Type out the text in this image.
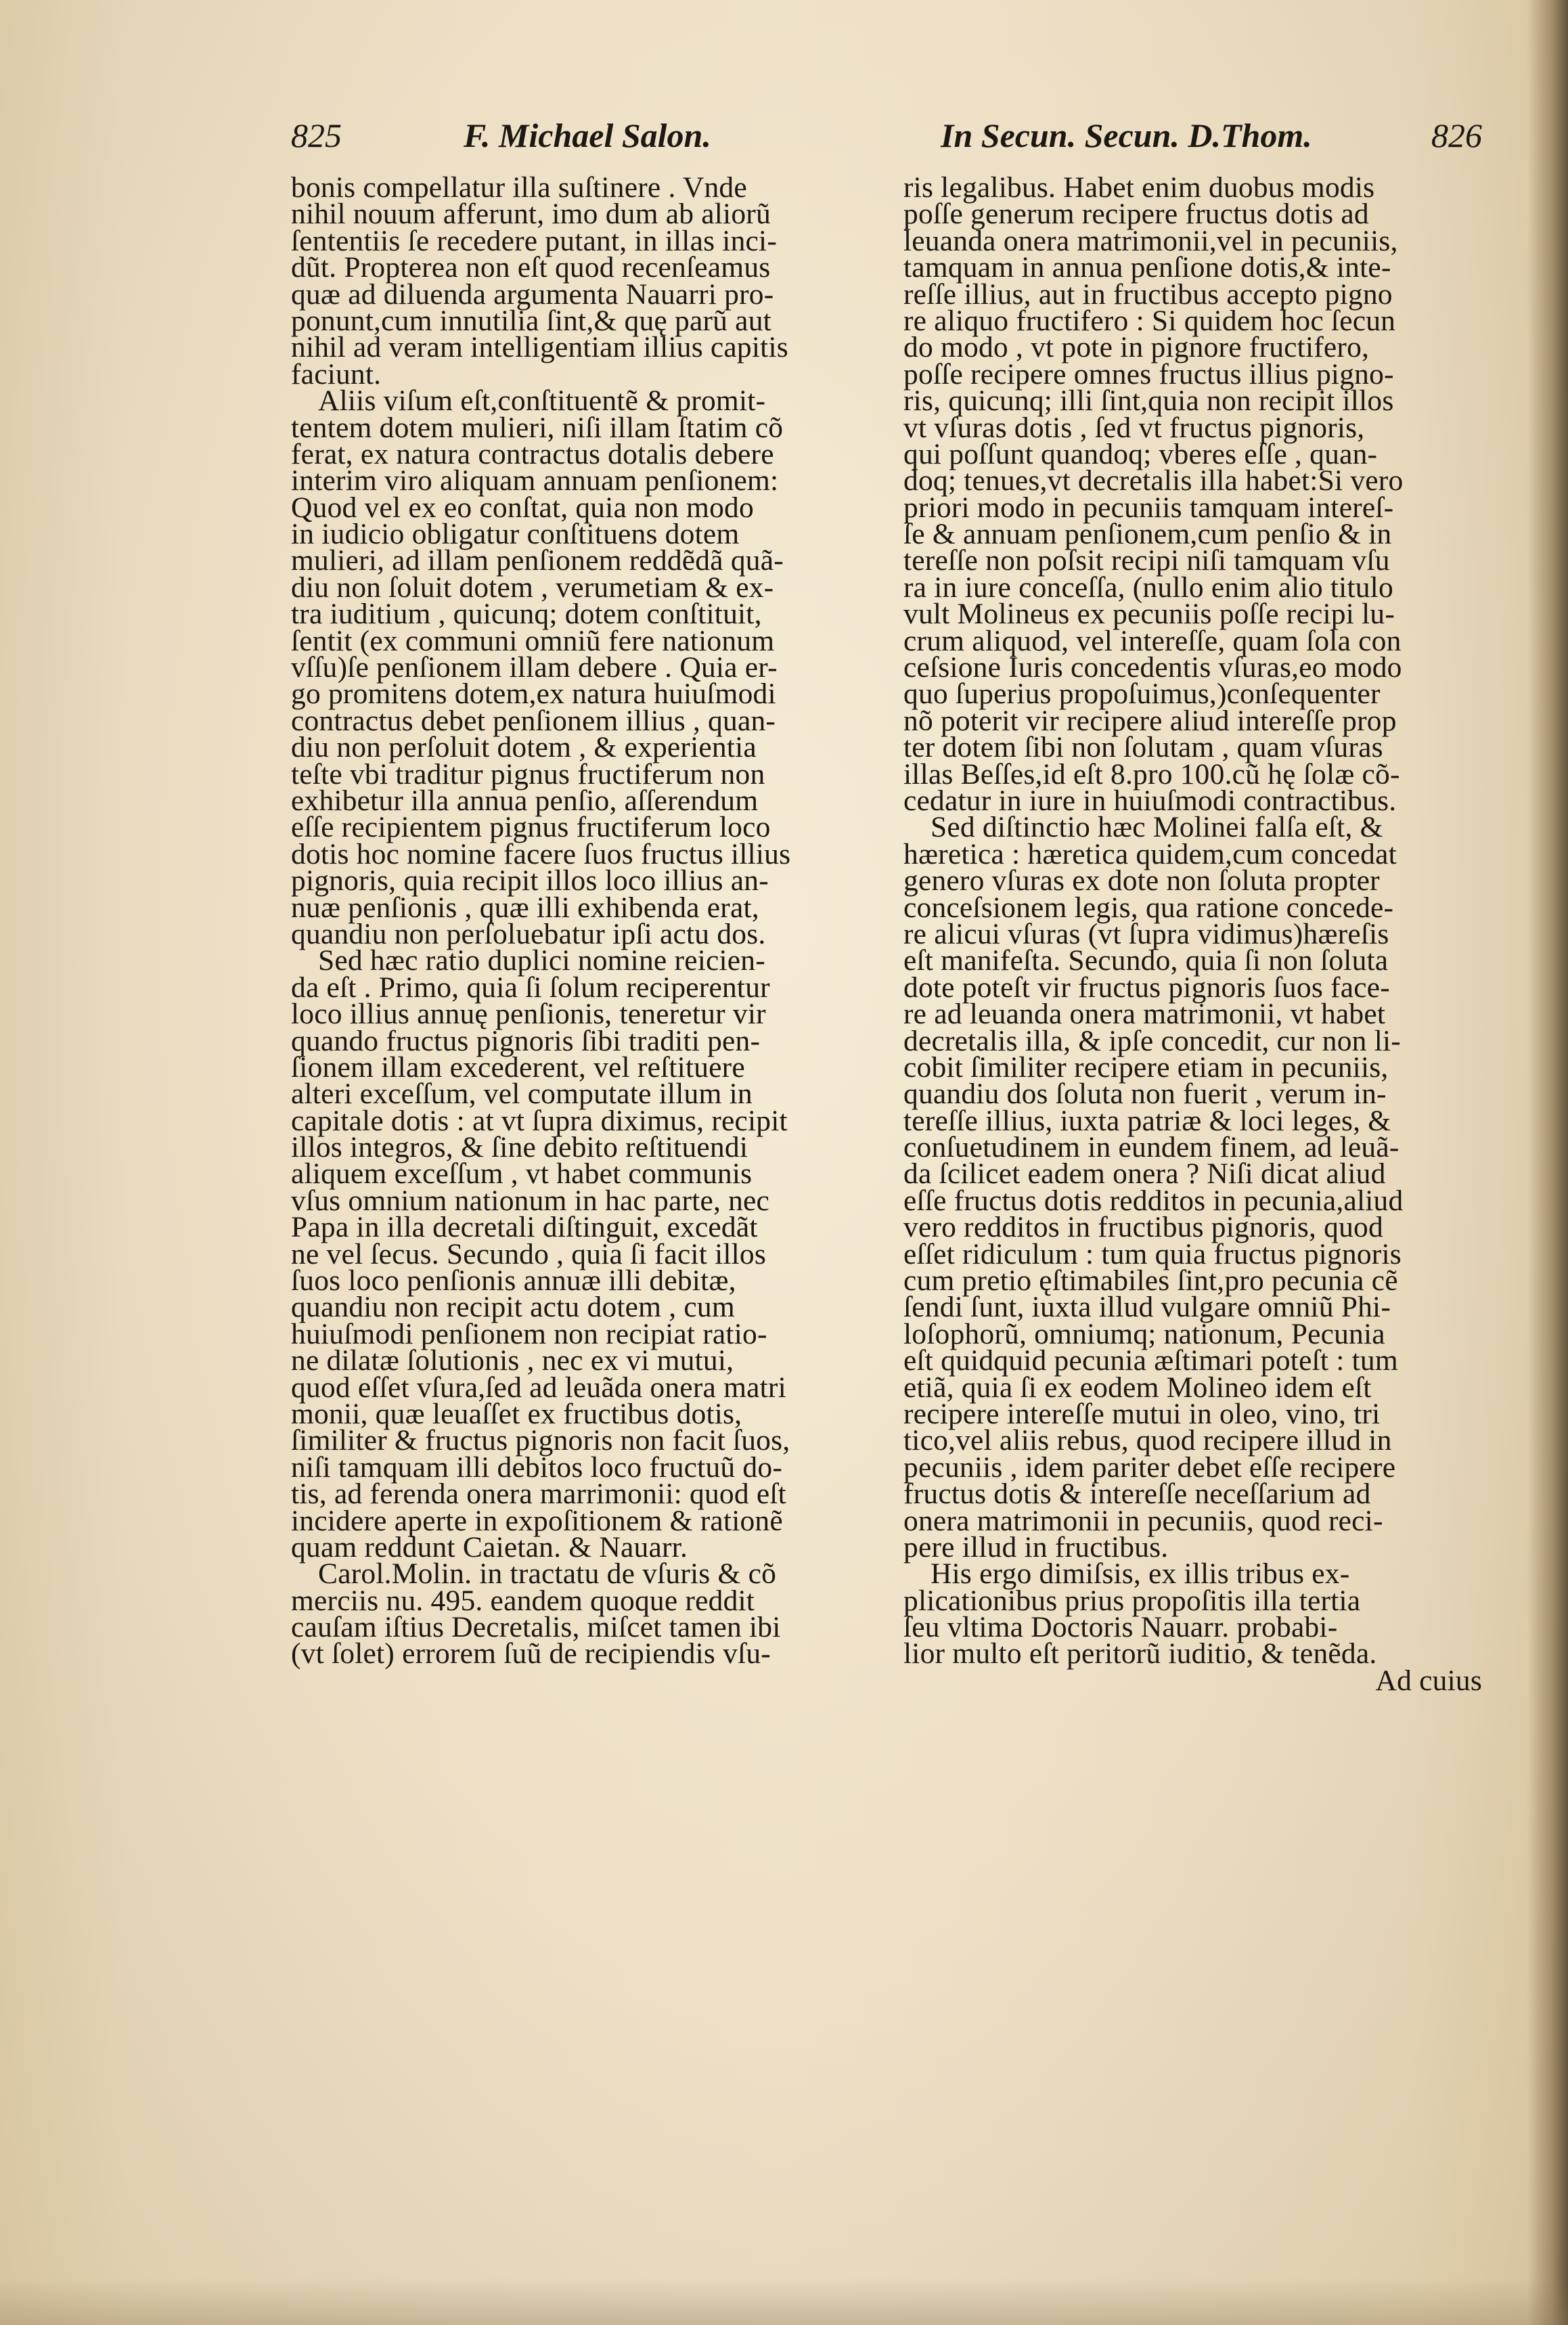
825	F. Michael Salon.	In Secun. Secun. D.Thom.	826
bonis compellatur illa suſtinere . Vnde
nihil nouum afferunt, imo dum ab aliorũ
ſententiis ſe recedere putant, in illas inci-
dũt. Propterea non eſt quod recenſeamus
quæ ad diluenda argumenta Nauarri pro-
ponunt,cum innutilia ſint,& quę parũ aut
nihil ad veram intelligentiam illius capitis
faciunt.
Aliis viſum eſt,conſtituentẽ & promit-
tentem dotem mulieri, niſi illam ſtatim cõ
ferat, ex natura contractus dotalis debere
interim viro aliquam annuam penſionem:
Quod vel ex eo conſtat, quia non modo
in iudicio obligatur conſtituens dotem
mulieri, ad illam penſionem reddẽdã quã-
diu non ſoluit dotem , verumetiam & ex-
tra iuditium , quicunq; dotem conſtituit,
ſentit (ex communi omniũ fere nationum
vſſu)ſe penſionem illam debere . Quia er-
go promitens dotem,ex natura huiuſmodi
contractus debet penſionem illius , quan-
diu non perſoluit dotem , & experientia
teſte vbi traditur pignus fructiferum non
exhibetur illa annua penſio, aſſerendum
eſſe recipientem pignus fructiferum loco
dotis hoc nomine facere ſuos fructus illius
pignoris, quia recipit illos loco illius an-
nuæ penſionis , quæ illi exhibenda erat,
quandiu non perſoluebatur ipſi actu dos.
Sed hæc ratio duplici nomine reicien-
da eſt . Primo, quia ſi ſolum reciperentur
loco illius annuę penſionis, teneretur vir
quando fructus pignoris ſibi traditi pen-
ſionem illam excederent, vel reſtituere
alteri exceſſum, vel computate illum in
capitale dotis : at vt ſupra diximus, recipit
illos integros, & ſine debito reſtituendi
aliquem exceſſum , vt habet communis
vſus omnium nationum in hac parte, nec
Papa in illa decretali diſtinguit, excedãt
ne vel ſecus. Secundo , quia ſi facit illos
ſuos loco penſionis annuæ illi debitæ,
quandiu non recipit actu dotem , cum
huiuſmodi penſionem non recipiat ratio-
ne dilatæ ſolutionis , nec ex vi mutui,
quod eſſet vſura,ſed ad leuãda onera matri
monii, quæ leuaſſet ex fructibus dotis,
ſimiliter & fructus pignoris non facit ſuos,
niſi tamquam illi debitos loco fructuũ do-
tis, ad ferenda onera marrimonii: quod eſt
incidere aperte in expoſitionem & rationẽ
quam reddunt Caietan. & Nauarr.
Carol.Molin. in tractatu de vſuris & cõ
merciis nu. 495. eandem quoque reddit
cauſam iſtius Decretalis, miſcet tamen ibi
(vt ſolet) errorem ſuũ de recipiendis vſu-
ris legalibus. Habet enim duobus modis
poſſe generum recipere fructus dotis ad
leuanda onera matrimonii,vel in pecuniis,
tamquam in annua penſione dotis,& inte-
reſſe illius, aut in fructibus accepto pigno
re aliquo fructifero : Si quidem hoc ſecun
do modo , vt pote in pignore fructifero,
poſſe recipere omnes fructus illius pigno-
ris, quicunq; illi ſint,quia non recipit illos
vt vſuras dotis , ſed vt fructus pignoris,
qui poſſunt quandoq; vberes eſſe , quan-
doq; tenues,vt decretalis illa habet:Si vero
priori modo in pecuniis tamquam intereſ-
ſe & annuam penſionem,cum penſio & in
tereſſe non poſsit recipi niſi tamquam vſu
ra in iure conceſſa, (nullo enim alio titulo
vult Molineus ex pecuniis poſſe recipi lu-
crum aliquod, vel intereſſe, quam ſola con
ceſsione Iuris concedentis vſuras,eo modo
quo ſuperius propoſuimus,)conſequenter
nõ poterit vir recipere aliud intereſſe prop
ter dotem ſibi non ſolutam , quam vſuras
illas Beſſes,id eſt 8.pro 100.cũ hę ſolæ cõ-
cedatur in iure in huiuſmodi contractibus.
Sed diſtinctio hæc Molinei falſa eſt, &
hæretica : hæretica quidem,cum concedat
genero vſuras ex dote non ſoluta propter
conceſsionem legis, qua ratione concede-
re alicui vſuras (vt ſupra vidimus)hæreſis
eſt manifeſta. Secundo, quia ſi non ſoluta
dote poteſt vir fructus pignoris ſuos face-
re ad leuanda onera matrimonii, vt habet
decretalis illa, & ipſe concedit, cur non li-
cobit ſimiliter recipere etiam in pecuniis,
quandiu dos ſoluta non fuerit , verum in-
tereſſe illius, iuxta patriæ & loci leges, &
conſuetudinem in eundem finem, ad leuã-
da ſcilicet eadem onera ? Niſi dicat aliud
eſſe fructus dotis redditos in pecunia,aliud
vero redditos in fructibus pignoris, quod
eſſet ridiculum : tum quia fructus pignoris
cum pretio ęſtimabiles ſint,pro pecunia cẽ
ſendi ſunt, iuxta illud vulgare omniũ Phi-
loſophorũ, omniumq; nationum, Pecunia
eſt quidquid pecunia æſtimari poteſt : tum
etiã, quia ſi ex eodem Molineo idem eſt
recipere intereſſe mutui in oleo, vino, tri
tico,vel aliis rebus, quod recipere illud in
pecuniis , idem pariter debet eſſe recipere
fructus dotis & intereſſe neceſſarium ad
onera matrimonii in pecuniis, quod reci-
pere illud in fructibus.
His ergo dimiſsis, ex illis tribus ex-
plicationibus prius propoſitis illa tertia
ſeu vltima Doctoris Nauarr. probabi-
lior multo eſt peritorũ iuditio, & tenẽda.
Ad cuius
